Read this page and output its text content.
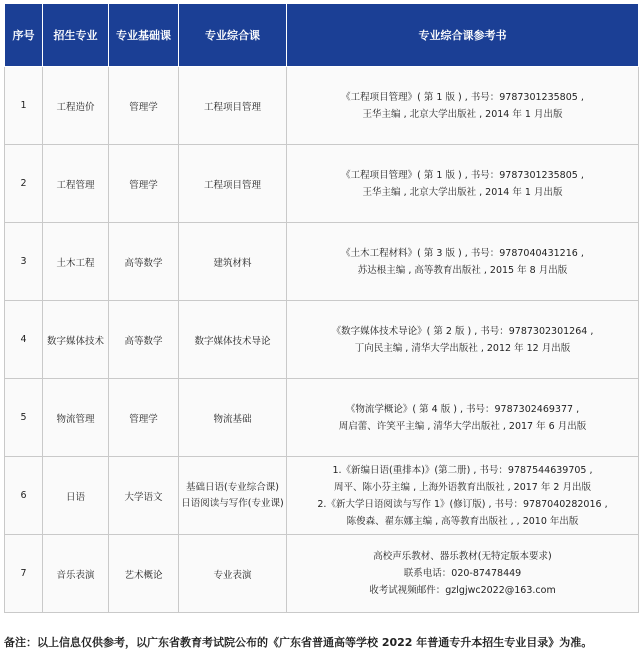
序号	招生专业	专业基础课	专业综合课	专业综合课参考书
1	工程造价	管理学	工程项目管理	《工程项目管理》( 第 1 版 ) , 书号：9787301235805 ,
王华主编 , 北京大学出版社 , 2014 年 1 月出版

2	工程管理	管理学	工程项目管理	《工程项目管理》( 第 1 版 ) , 书号：9787301235805 ,
王华主编 , 北京大学出版社 , 2014 年 1 月出版

3	土木工程	高等数学	建筑材料	《土木工程材料》( 第 3 版 ) , 书号：9787040431216 ,
苏达根主编 , 高等教育出版社 , 2015 年 8 月出版

4	数字媒体技术	高等数学	数字媒体技术导论	《数字媒体技术导论》( 第 2 版 ) , 书号：9787302301264 ,
丁向民主编 , 清华大学出版社 , 2012 年 12 月出版

5	物流管理	管理学	物流基础	《物流学概论》( 第 4 版 ) , 书号：9787302469377 ,
周启蕾、许笑平主编 , 清华大学出版社 , 2017 年 6 月出版

6	日语	大学语文	基础日语(专业综合课) 日语阅读与写作(专业课)	1.《新编日语(重排本)》(第二册) , 书号：9787544639705 ,
周平、陈小芬主编 , 上海外语教育出版社 , 2017 年 2 月出版
2.《新大学日语阅读与写作 1》(修订版) , 书号：9787040282016 ,
陈俊森、翟东娜主编 , 高等教育出版社 , , 2010 年出版

7	音乐表演	艺术概论	专业表演	高校声乐教材、器乐教材(无特定版本要求)
联系电话：020-87478449
收考试视频邮件：gzlgjwc2022@163.com
备注：以上信息仅供参考，以广东省教育考试院公布的《广东省普通高等学校 2022 年普通专升本招生专业目录》为准。
